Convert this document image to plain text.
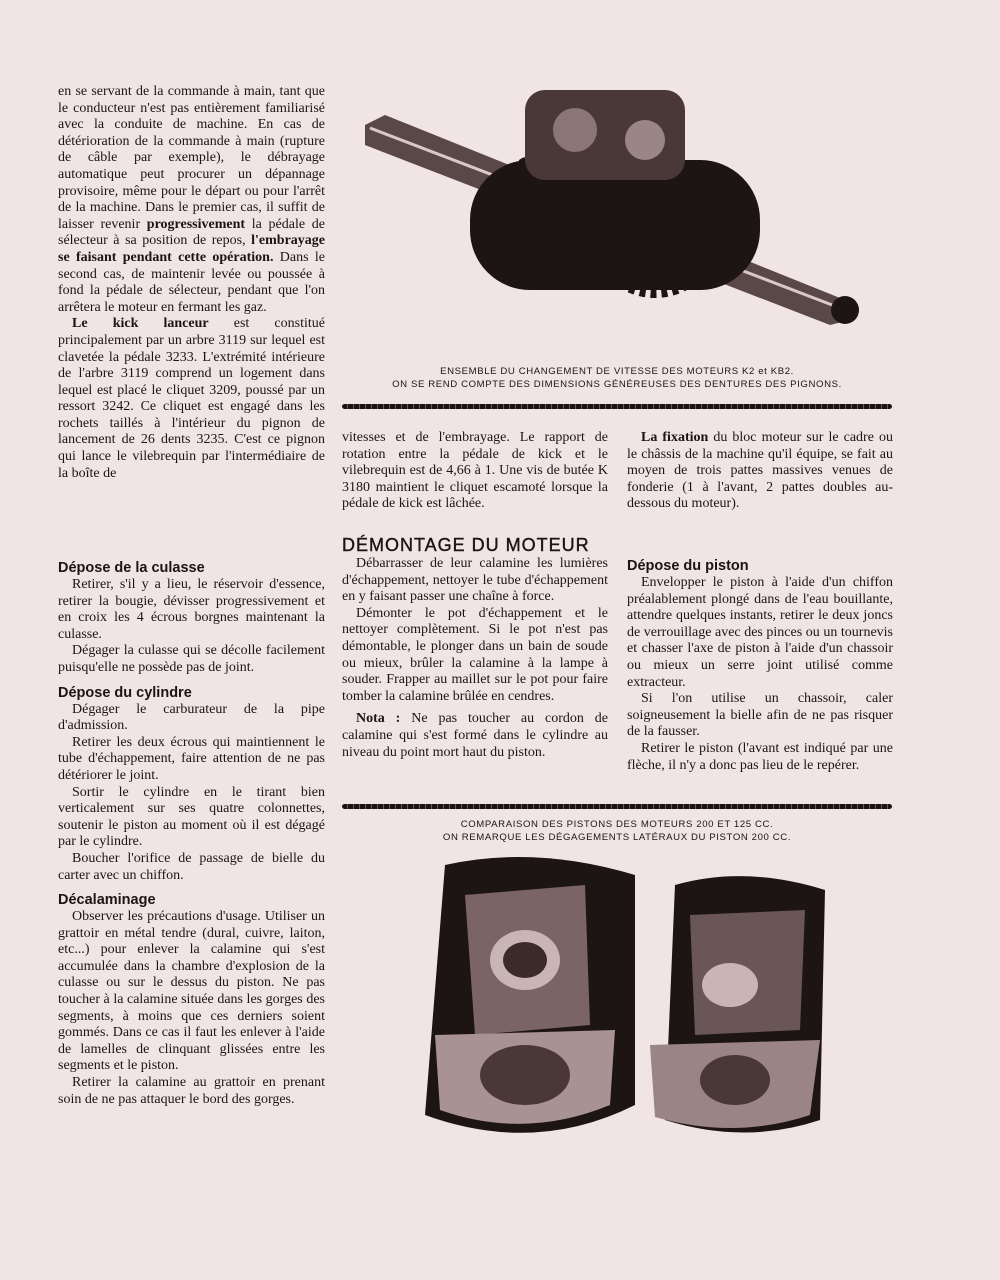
en se servant de la commande à main, tant que le conducteur n'est pas entièrement familiarisé avec la conduite de machine. En cas de détérioration de la commande à main (rupture de câble par exemple), le débrayage automatique peut procurer un dépannage provisoire, même pour le départ ou pour l'arrêt de la machine. Dans le premier cas, il suffit de laisser revenir progressivement la pédale de sélecteur à sa position de repos, l'embrayage se faisant pendant cette opération. Dans le second cas, de maintenir levée ou poussée à fond la pédale de sélecteur, pendant que l'on arrêtera le moteur en fermant les gaz.

Le kick lanceur est constitué principalement par un arbre 3119 sur lequel est clavetée la pédale 3233. L'extrémité intérieure de l'arbre 3119 comprend un logement dans lequel est placé le cliquet 3209, poussé par un ressort 3242. Ce cliquet est engagé dans les rochets taillés à l'intérieur du pignon de lancement de 26 dents 3235. C'est ce pignon qui lance le vilebrequin par l'intermédiaire de la boîte de

ENSEMBLE DU CHANGEMENT DE VITESSE DES MOTEURS K2 et KB2.
ON SE REND COMPTE DES DIMENSIONS GÉNÉREUSES DES DENTURES DES PIGNONS.

vitesses et de l'embrayage. Le rapport de rotation entre la pédale de kick et le vilebrequin est de 4,66 à 1. Une vis de butée K 3180 maintient le cliquet escamoté lorsque la pédale de kick est lâchée.

La fixation du bloc moteur sur le cadre ou le châssis de la machine qu'il équipe, se fait au moyen de trois pattes massives venues de fonderie (1 à l'avant, 2 pattes doubles au-dessous du moteur).

Dépose de la culasse

Retirer, s'il y a lieu, le réservoir d'essence, retirer la bougie, dévisser progressivement et en croix les 4 écrous borgnes maintenant la culasse.

Dégager la culasse qui se décolle facilement puisqu'elle ne possède pas de joint.

Dépose du cylindre

Dégager le carburateur de la pipe d'admission.

Retirer les deux écrous qui maintiennent le tube d'échappement, faire attention de ne pas détériorer le joint.

Sortir le cylindre en le tirant bien verticalement sur ses quatre colonnettes, soutenir le piston au moment où il est dégagé par le cylindre.

Boucher l'orifice de passage de bielle du carter avec un chiffon.

Décalaminage

Observer les précautions d'usage. Utiliser un grattoir en métal tendre (dural, cuivre, laiton, etc...) pour enlever la calamine qui s'est accumulée dans la chambre d'explosion de la culasse ou sur le dessus du piston. Ne pas toucher à la calamine située dans les gorges des segments, à moins que ces derniers soient gommés. Dans ce cas il faut les enlever à l'aide de lamelles de clinquant glissées entre les segments et le piston.

Retirer la calamine au grattoir en prenant soin de ne pas attaquer le bord des gorges.

DÉMONTAGE DU MOTEUR

Débarrasser de leur calamine les lumières d'échappement, nettoyer le tube d'échappement en y faisant passer une chaîne à force.

Démonter le pot d'échappement et le nettoyer complètement. Si le pot n'est pas démontable, le plonger dans un bain de soude ou mieux, brûler la calamine à la lampe à souder. Frapper au maillet sur le pot pour faire tomber la calamine brûlée en cendres.

Nota : Ne pas toucher au cordon de calamine qui s'est formé dans le cylindre au niveau du point mort haut du piston.

Dépose du piston

Envelopper le piston à l'aide d'un chiffon préalablement plongé dans de l'eau bouillante, attendre quelques instants, retirer le deux joncs de verrouillage avec des pinces ou un tournevis et chasser l'axe de piston à l'aide d'un chassoir ou mieux un serre joint utilisé comme extracteur.

Si l'on utilise un chassoir, caler soigneusement la bielle afin de ne pas risquer de la fausser.

Retirer le piston (l'avant est indiqué par une flèche, il n'y a donc pas lieu de le repérer.

COMPARAISON DES PISTONS DES MOTEURS 200 ET 125 CC.
ON REMARQUE LES DÉGAGEMENTS LATÉRAUX DU PISTON 200 CC.
